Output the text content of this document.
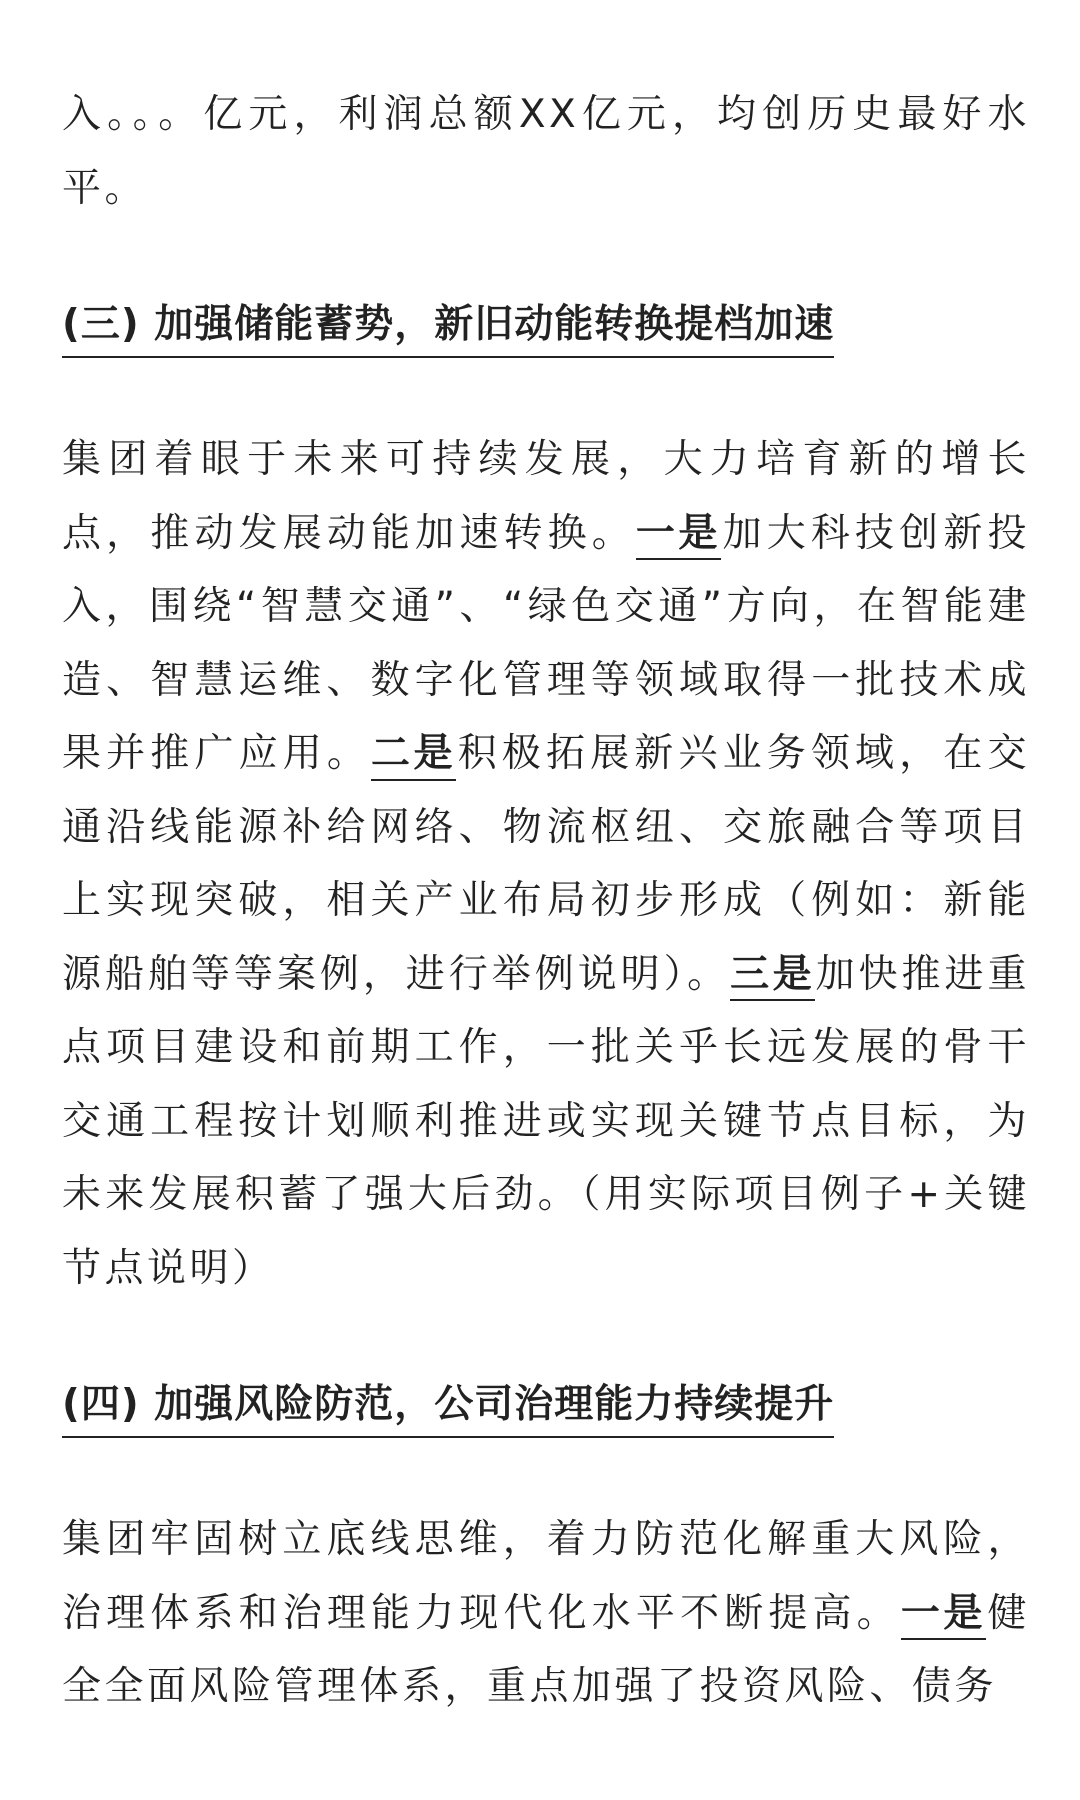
入。。。亿元，利润总额XX亿元，均创历史最好水平。

(三) 加强储能蓄势，新旧动能转换提档加速

集团着眼于未来可持续发展，大力培育新的增长点，推动发展动能加速转换。一是加大科技创新投入，围绕“智慧交通”、“绿色交通”方向，在智能建造、智慧运维、数字化管理等领域取得一批技术成果并推广应用。二是积极拓展新兴业务领域，在交通沿线能源补给网络、物流枢纽、交旅融合等项目上实现突破，相关产业布局初步形成（例如：新能源船舶等等案例，进行举例说明）。三是加快推进重点项目建设和前期工作，一批关乎长远发展的骨干交通工程按计划顺利推进或实现关键节点目标，为未来发展积蓄了强大后劲。（用实际项目例子+关键节点说明）

(四) 加强风险防范，公司治理能力持续提升

集团牢固树立底线思维，着力防范化解重大风险，治理体系和治理能力现代化水平不断提高。一是健全全面风险管理体系，重点加强了投资风险、债务
